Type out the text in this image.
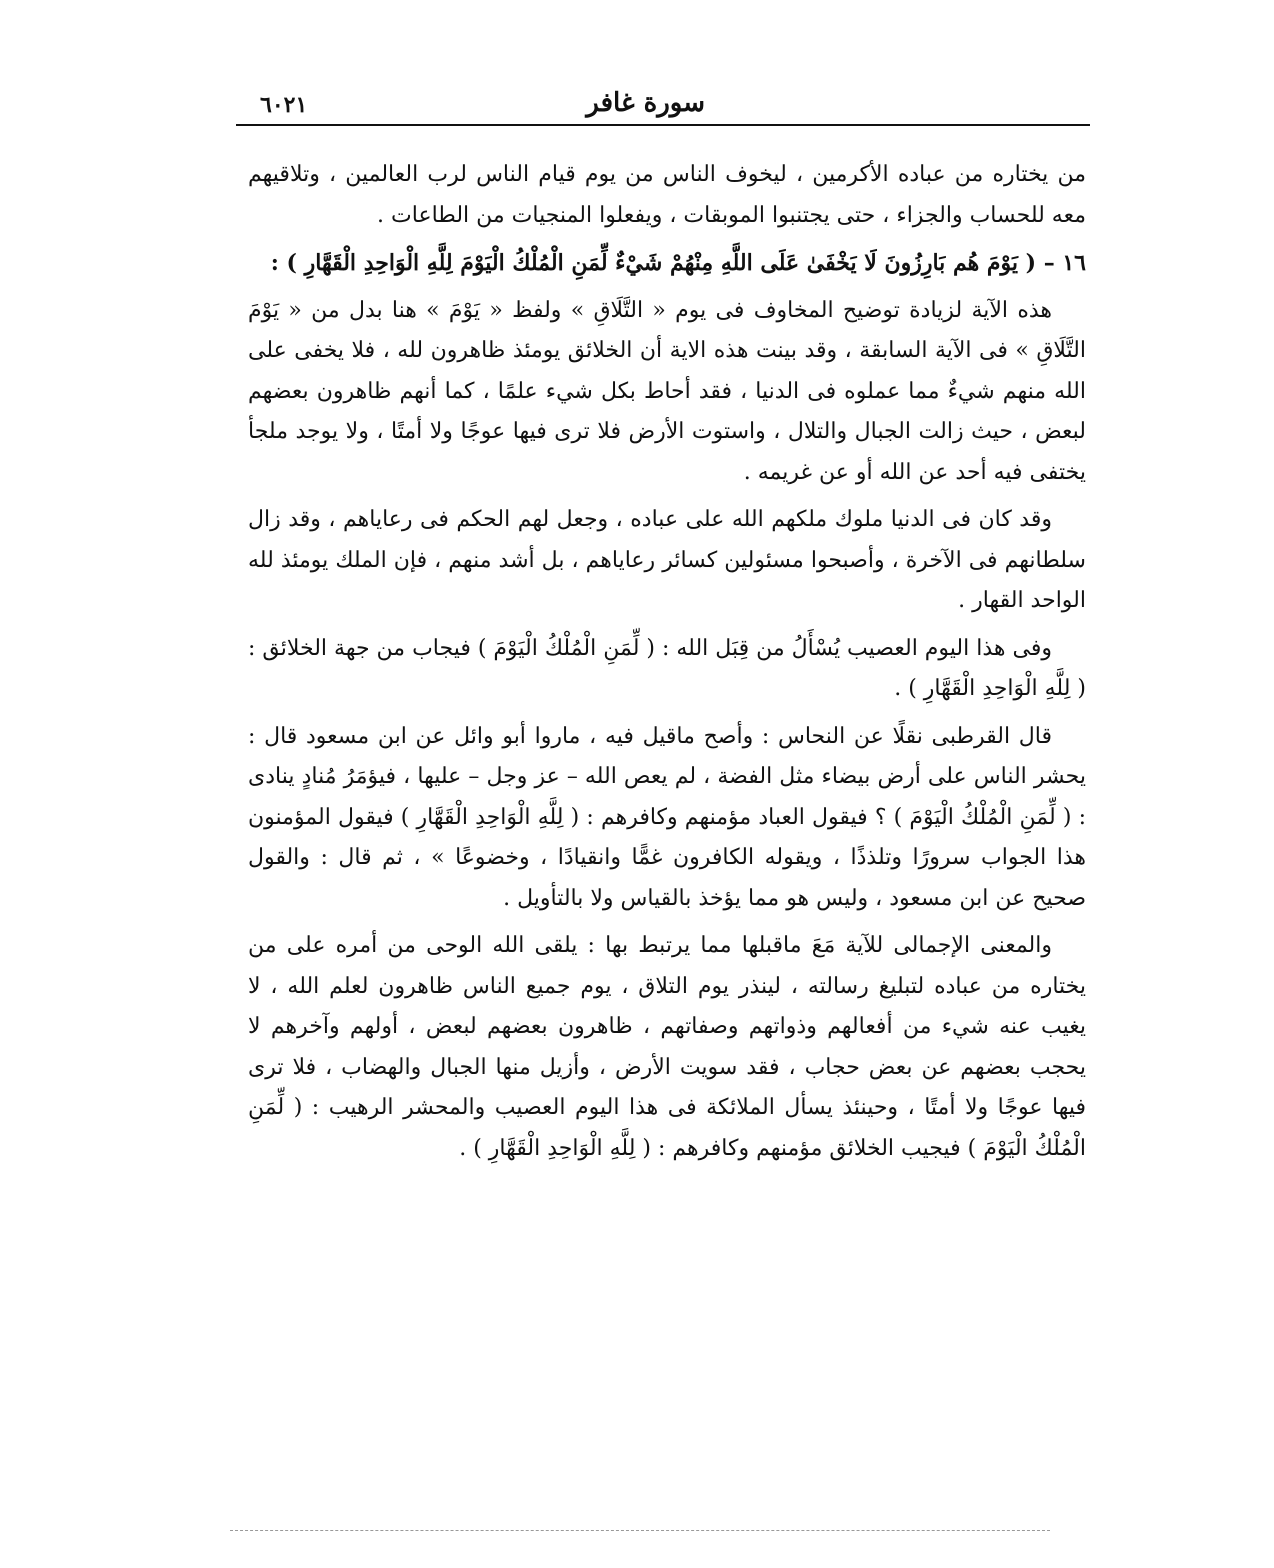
سورة غافر
٦٠٢١

من يختاره من عباده الأكرمين ، ليخوف الناس من يوم قيام الناس لرب العالمين ، وتلاقيهم معه للحساب والجزاء ، حتى يجتنبوا الموبقات ، ويفعلوا المنجيات من الطاعات .

١٦ – ( يَوْمَ هُم بَارِزُونَ لَا يَخْفَىٰ عَلَى اللَّهِ مِنْهُمْ شَيْءٌ لِّمَنِ الْمُلْكُ الْيَوْمَ لِلَّهِ الْوَاحِدِ الْقَهَّارِ ) :

هذه الآية لزيادة توضيح المخاوف فى يوم « التَّلَاقِ » ولفظ « يَوْمَ » هنا بدل من « يَوْمَ التَّلَاقِ » فى الآية السابقة ، وقد بينت هذه الاية أن الخلائق يومئذ ظاهرون لله ، فلا يخفى على الله منهم شيءٌ مما عملوه فى الدنيا ، فقد أحاط بكل شيء علمًا ، كما أنهم ظاهرون بعضهم لبعض ، حيث زالت الجبال والتلال ، واستوت الأرض فلا ترى فيها عوجًا ولا أمتًا ، ولا يوجد ملجأ يختفى فيه أحد عن الله أو عن غريمه .

وقد كان فى الدنيا ملوك ملكهم الله على عباده ، وجعل لهم الحكم فى رعاياهم ، وقد زال سلطانهم فى الآخرة ، وأصبحوا مسئولين كسائر رعاياهم ، بل أشد منهم ، فإن الملك يومئذ لله الواحد القهار .

وفى هذا اليوم العصيب يُسْأَلُ من قِبَل الله : ( لِّمَنِ الْمُلْكُ الْيَوْمَ ) فيجاب من جهة الخلائق : ( لِلَّهِ الْوَاحِدِ الْقَهَّارِ ) .

قال القرطبى نقلًا عن النحاس : وأصح ماقيل فيه ، ماروا أبو وائل عن ابن مسعود قال : يحشر الناس على أرض بيضاء مثل الفضة ، لم يعص الله – عز وجل – عليها ، فيؤمَرُ مُنادٍ ينادى : ( لِّمَنِ الْمُلْكُ الْيَوْمَ ) ؟ فيقول العباد مؤمنهم وكافرهم : ( لِلَّهِ الْوَاحِدِ الْقَهَّارِ ) فيقول المؤمنون هذا الجواب سرورًا وتلذذًا ، ويقوله الكافرون غمًّا وانقيادًا ، وخضوعًا » ، ثم قال : والقول صحيح عن ابن مسعود ، وليس هو مما يؤخذ بالقياس ولا بالتأويل .

والمعنى الإجمالى للآية مَعَ ماقبلها مما يرتبط بها : يلقى الله الوحى من أمره على من يختاره من عباده لتبليغ رسالته ، لينذر يوم التلاق ، يوم جميع الناس ظاهرون لعلم الله ، لا يغيب عنه شيء من أفعالهم وذواتهم وصفاتهم ، ظاهرون بعضهم لبعض ، أولهم وآخرهم لا يحجب بعضهم عن بعض حجاب ، فقد سويت الأرض ، وأزيل منها الجبال والهضاب ، فلا ترى فيها عوجًا ولا أمتًا ، وحينئذ يسأل الملائكة فى هذا اليوم العصيب والمحشر الرهيب : ( لِّمَنِ الْمُلْكُ الْيَوْمَ ) فيجيب الخلائق مؤمنهم وكافرهم : ( لِلَّهِ الْوَاحِدِ الْقَهَّارِ ) .
